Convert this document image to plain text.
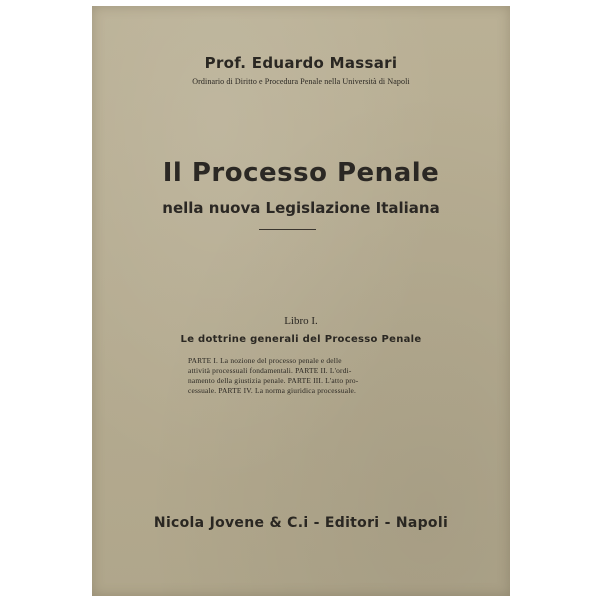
Prof. Eduardo Massari
Ordinario di Diritto e Procedura Penale nella Università di Napoli
Il Processo Penale
nella nuova Legislazione Italiana
Libro I.
Le dottrine generali del Processo Penale
PARTE I. La nozione del processo penale e delle
attività processuali fondamentali. PARTE II. L'ordi-
namento della giustizia penale. PARTE III. L'atto pro-
cessuale. PARTE IV. La norma giuridica processuale.
Nicola Jovene & C.i - Editori - Napoli
